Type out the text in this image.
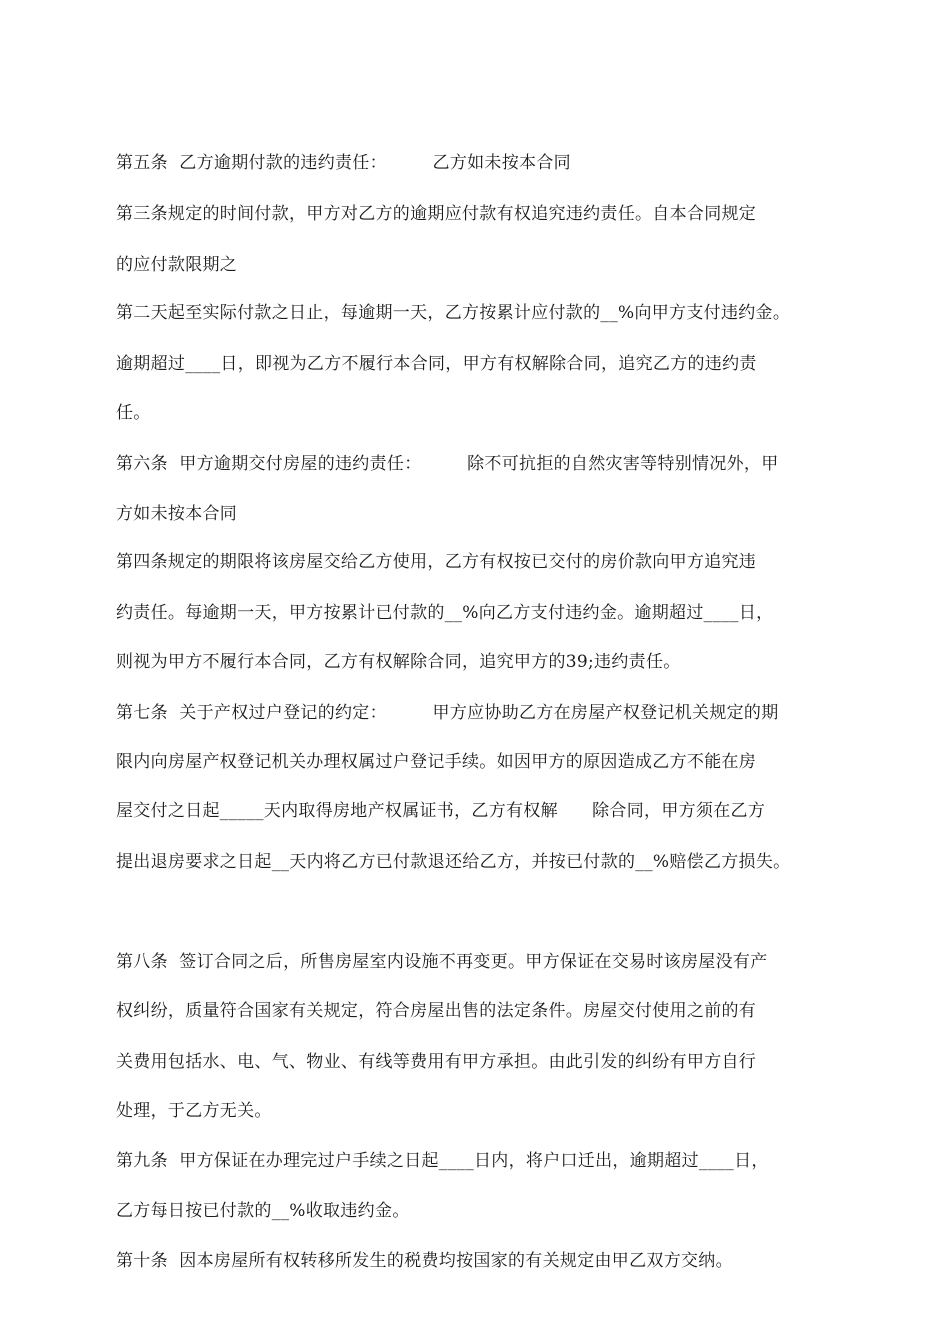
第五条  乙方逾期付款的违约责任：        乙方如未按本合同
第三条规定的时间付款，甲方对乙方的逾期应付款有权追究违约责任。自本合同规定
的应付款限期之
第二天起至实际付款之日止，每逾期一天，乙方按累计应付款的__%向甲方支付违约金。
逾期超过____日，即视为乙方不履行本合同，甲方有权解除合同，追究乙方的违约责
任。
第六条  甲方逾期交付房屋的违约责任：        除不可抗拒的自然灾害等特别情况外，甲
方如未按本合同
第四条规定的期限将该房屋交给乙方使用，乙方有权按已交付的房价款向甲方追究违
约责任。每逾期一天，甲方按累计已付款的__%向乙方支付违约金。逾期超过____日，
则视为甲方不履行本合同，乙方有权解除合同，追究甲方的39;违约责任。
第七条  关于产权过户登记的约定：        甲方应协助乙方在房屋产权登记机关规定的期
限内向房屋产权登记机关办理权属过户登记手续。如因甲方的原因造成乙方不能在房
屋交付之日起_____天内取得房地产权属证书，乙方有权解      除合同，甲方须在乙方
提出退房要求之日起__天内将乙方已付款退还给乙方，并按已付款的__%赔偿乙方损失。
第八条  签订合同之后，所售房屋室内设施不再变更。甲方保证在交易时该房屋没有产
权纠纷，质量符合国家有关规定，符合房屋出售的法定条件。房屋交付使用之前的有
关费用包括水、电、气、物业、有线等费用有甲方承担。由此引发的纠纷有甲方自行
处理，于乙方无关。
第九条  甲方保证在办理完过户手续之日起____日内，将户口迁出，逾期超过____日，
乙方每日按已付款的__%收取违约金。
第十条  因本房屋所有权转移所发生的税费均按国家的有关规定由甲乙双方交纳。
